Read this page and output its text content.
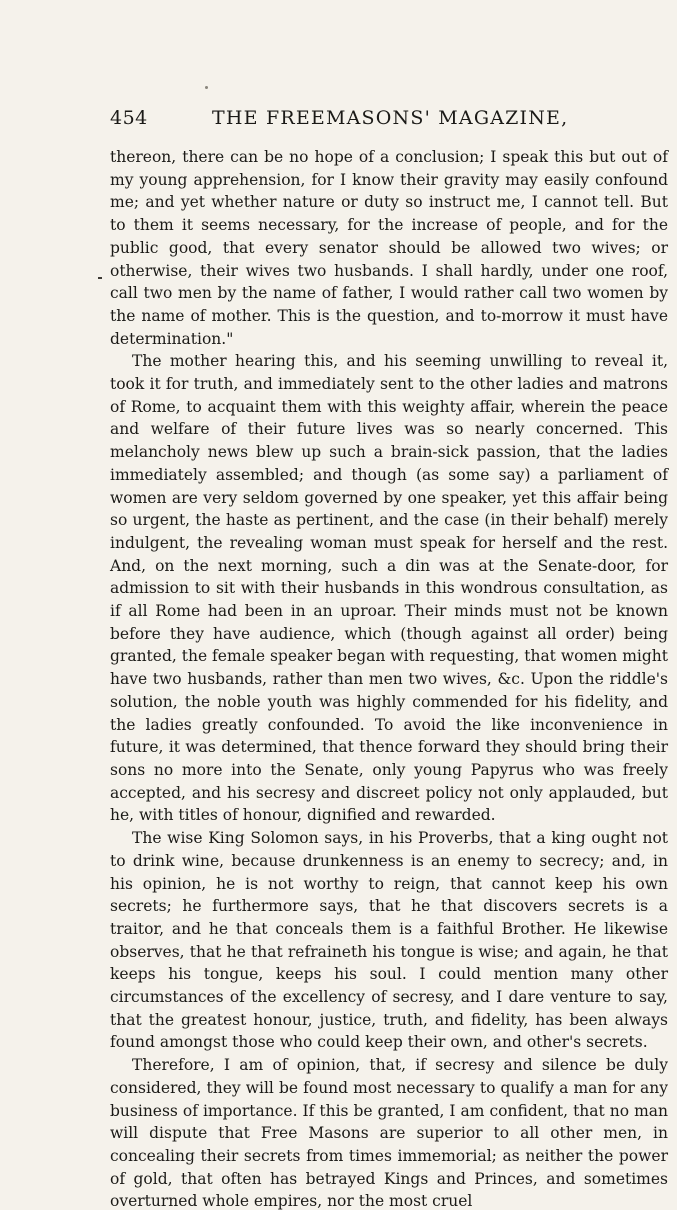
454	THE FREEMASONS' MAGAZINE,

thereon, there can be no hope of a conclusion; I speak this but out of my young apprehension, for I know their gravity may easily confound me; and yet whether nature or duty so instruct me, I cannot tell. But to them it seems necessary, for the increase of people, and for the public good, that every senator should be allowed two wives; or otherwise, their wives two husbands. I shall hardly, under one roof, call two men by the name of father, I would rather call two women by the name of mother. This is the question, and to-morrow it must have determination."

The mother hearing this, and his seeming unwilling to reveal it, took it for truth, and immediately sent to the other ladies and matrons of Rome, to acquaint them with this weighty affair, wherein the peace and welfare of their future lives was so nearly concerned. This melancholy news blew up such a brain-sick passion, that the ladies immediately assembled; and though (as some say) a parliament of women are very seldom governed by one speaker, yet this affair being so urgent, the haste as pertinent, and the case (in their behalf) merely indulgent, the revealing woman must speak for herself and the rest. And, on the next morning, such a din was at the Senate-door, for admission to sit with their husbands in this wondrous consultation, as if all Rome had been in an uproar. Their minds must not be known before they have audience, which (though against all order) being granted, the female speaker began with requesting, that women might have two husbands, rather than men two wives, &c. Upon the riddle's solution, the noble youth was highly commended for his fidelity, and the ladies greatly confounded. To avoid the like inconvenience in future, it was determined, that thence forward they should bring their sons no more into the Senate, only young Papyrus who was freely accepted, and his secresy and discreet policy not only applauded, but he, with titles of honour, dignified and rewarded.

The wise King Solomon says, in his Proverbs, that a king ought not to drink wine, because drunkenness is an enemy to secrecy; and, in his opinion, he is not worthy to reign, that cannot keep his own secrets; he furthermore says, that he that discovers secrets is a traitor, and he that conceals them is a faithful Brother. He likewise observes, that he that refraineth his tongue is wise; and again, he that keeps his tongue, keeps his soul. I could mention many other circumstances of the excellency of secresy, and I dare venture to say, that the greatest honour, justice, truth, and fidelity, has been always found amongst those who could keep their own, and other's secrets.

Therefore, I am of opinion, that, if secresy and silence be duly considered, they will be found most necessary to qualify a man for any business of importance. If this be granted, I am confident, that no man will dispute that Free Masons are superior to all other men, in concealing their secrets from times immemorial; as neither the power of gold, that often has betrayed Kings and Princes, and sometimes overturned whole empires, nor the most cruel
